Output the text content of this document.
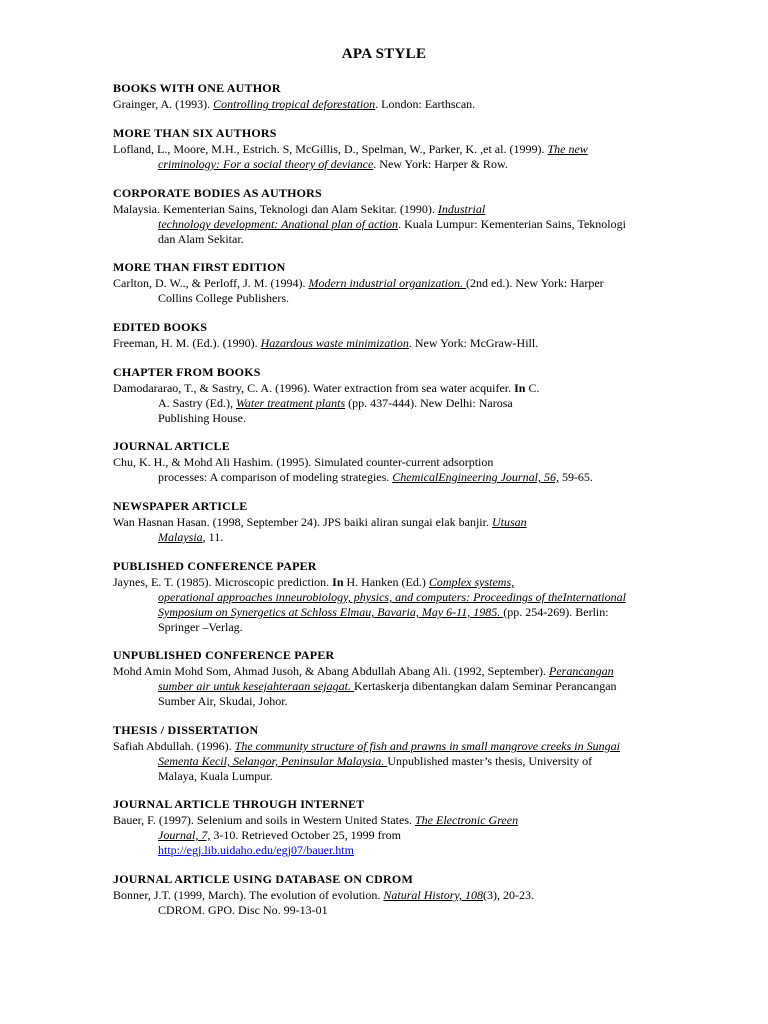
APA STYLE
BOOKS WITH ONE AUTHOR
Grainger, A. (1993). Controlling tropical deforestation. London: Earthscan.
MORE THAN SIX AUTHORS
Lofland, L., Moore, M.H., Estrich. S, McGillis, D., Spelman, W., Parker, K. ,et al. (1999). The new
criminology: For a social theory of deviance. New York: Harper & Row.
CORPORATE BODIES AS AUTHORS
Malaysia. Kementerian Sains, Teknologi dan Alam Sekitar. (1990). Industrial
technology development: Anational plan of action. Kuala Lumpur: Kementerian Sains, Teknologi
dan Alam Sekitar.
MORE THAN FIRST EDITION
Carlton, D. W.., & Perloff, J. M. (1994). Modern industrial organization. (2nd ed.). New York: Harper
Collins College Publishers.
EDITED BOOKS
Freeman, H. M. (Ed.). (1990). Hazardous waste minimization. New York: McGraw-Hill.
CHAPTER FROM BOOKS
Damodararao, T., & Sastry, C. A. (1996). Water extraction from sea water acquifer. In C.
A. Sastry (Ed.), Water treatment plants (pp. 437-444). New Delhi: Narosa
Publishing House.
JOURNAL ARTICLE
Chu, K. H., & Mohd Ali Hashim. (1995). Simulated counter-current adsorption
processes: A comparison of modeling strategies. ChemicalEngineering Journal, 56, 59-65.
NEWSPAPER ARTICLE
Wan Hasnan Hasan. (1998, September 24). JPS baiki aliran sungai elak banjir. Utusan
Malaysia, 11.
PUBLISHED CONFERENCE PAPER
Jaynes, E. T. (1985). Microscopic prediction. In H. Hanken (Ed.) Complex systems,
operational approaches inneurobiology, physics, and computers: Proceedings of theInternational
Symposium on Synergetics at Schloss Elmau, Bavaria, May 6-11, 1985. (pp. 254-269). Berlin:
Springer –Verlag.
UNPUBLISHED CONFERENCE PAPER
Mohd Amin Mohd Som, Ahmad Jusoh, & Abang Abdullah Abang Ali. (1992, September). Perancangan
sumber air untuk kesejahteraan sejagat. Kertaskerja dibentangkan dalam Seminar Perancangan
Sumber Air, Skudai, Johor.
THESIS / DISSERTATION
Safiah Abdullah. (1996). The community structure of fish and prawns in small mangrove creeks in Sungai
Sementa Kecil, Selangor, Peninsular Malaysia. Unpublished master’s thesis, University of
Malaya, Kuala Lumpur.
JOURNAL ARTICLE THROUGH INTERNET
Bauer, F. (1997). Selenium and soils in Western United States. The Electronic Green
Journal, 7, 3-10. Retrieved October 25, 1999 from
http://egj.lib.uidaho.edu/egj07/bauer.htm
JOURNAL ARTICLE USING DATABASE ON CDROM
Bonner, J.T. (1999, March). The evolution of evolution. Natural History, 108(3), 20-23.
CDROM. GPO. Disc No. 99-13-01
